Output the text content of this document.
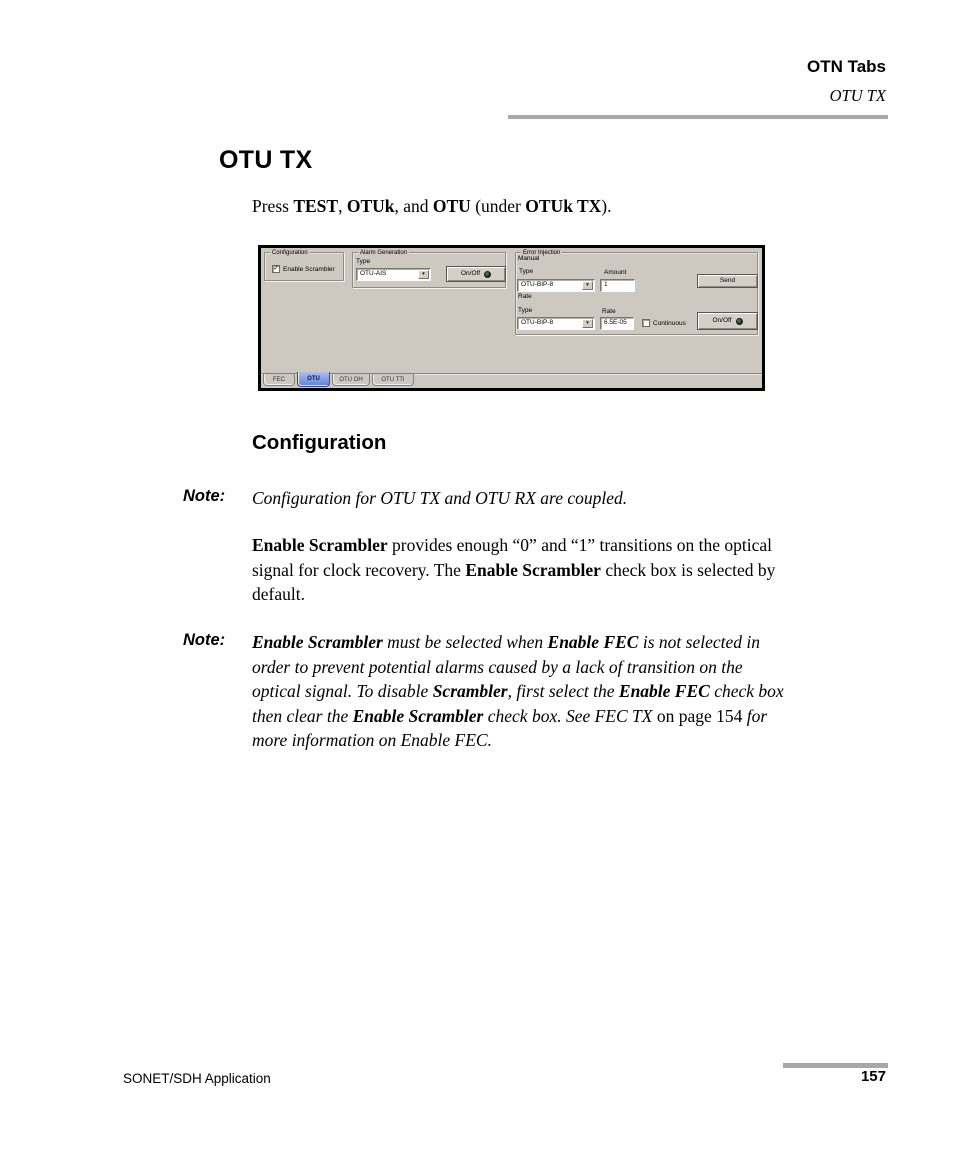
OTN Tabs
OTU TX
OTU TX

Press TEST, OTUk, and OTU (under OTUk TX).

Configuration
✓ Enable Scrambler
Alarm Generation
Type
OTU-AIS	▼	On/Off
Error Injection
Manual
Type
OTU-BIP-8	▼
Amount
1
Send
Rate
Type
OTU-BIP-8	▼
Rate
6.5E-05	Continuous	On/Off
FEC	OTU	OTU OH	OTU TTI
Configuration
Note: Configuration for OTU TX and OTU RX are coupled.

Enable Scrambler provides enough “0” and “1” transitions on the optical
signal for clock recovery. The Enable Scrambler check box is selected by
default.

Note: Enable Scrambler must be selected when Enable FEC is not selected in
order to prevent potential alarms caused by a lack of transition on the
optical signal. To disable Scrambler, first select the Enable FEC check box
then clear the Enable Scrambler check box. See FEC TX on page 154 for
more information on Enable FEC.
157
SONET/SDH Application
